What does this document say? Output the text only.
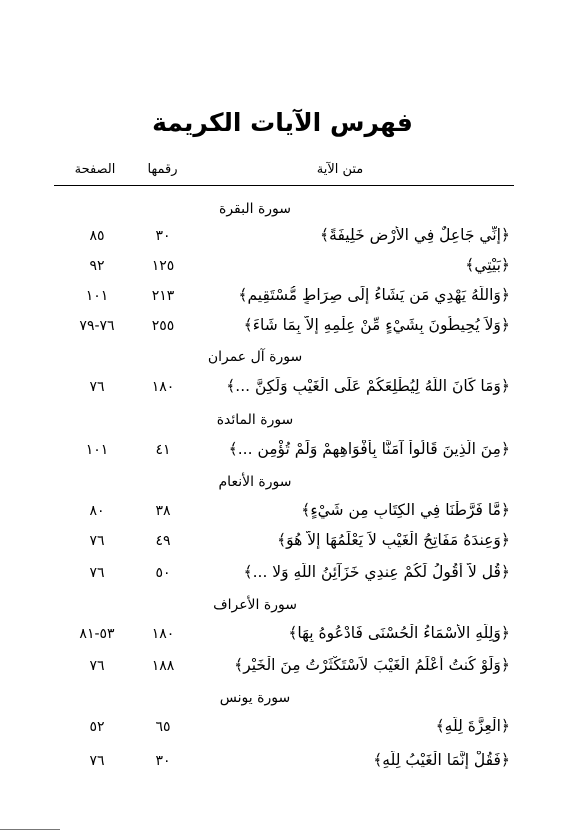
فهرس الآيات الكريمة
متن الآية
رقمها
الصفحة
سورة البقرة
﴿إِنِّي جَاعِلٌ فِي الأَرْضِ خَلِيفَةً﴾
٣٠
٨٥
﴿بَيْتِي﴾
١٢٥
٩٢
﴿وَاللَّهُ يَهْدِي مَن يَشَاءُ إِلَى صِرَاطٍ مُّسْتَقِيمٍ﴾
٢١٣
١٠١
﴿وَلاَ يُحِيطُونَ بِشَيْءٍ مِّنْ عِلْمِهِ إِلاَّ بِمَا شَاءَ﴾
٢٥٥
٧٦-٧٩
سورة آل عمران
﴿وَمَا كَانَ اللَّهُ لِيُطْلِعَكُمْ عَلَى الْغَيْبِ وَلَكِنَّ ...﴾
١٨٠
٧٦
سورة المائدة
﴿مِنَ الَّذِينَ قَالُواْ آمَنَّا بِأَفْوَاهِهِمْ وَلَمْ تُؤْمِن ...﴾
٤١
١٠١
سورة الأنعام
﴿مَّا فَرَّطْنَا فِي الكِتَابِ مِن شَيْءٍ﴾
٣٨
٨٠
﴿وَعِندَهُ مَفَاتِحُ الْغَيْبِ لاَ يَعْلَمُهَا إِلاَّ هُوَ﴾
٤٩
٧٦
﴿قُل لاَّ أَقُولُ لَكُمْ عِندِي خَزَآئِنُ اللّهِ وَلا ...﴾
٥٠
٧٦
سورة الأعراف
﴿وَلِلَّهِ الأَسْمَاءُ الْحُسْنَى فَادْعُوهُ بِهَا﴾
١٨٠
٥٣-٨١
﴿وَلَوْ كُنتُ أَعْلَمُ الْغَيْبَ لاَسْتَكْثَرْتُ مِنَ الْخَيْرِ﴾
١٨٨
٧٦
سورة يونس
﴿الْعِزَّةَ لِلَّهِ﴾
٦٥
٥٢
﴿فَقُلْ إِنَّمَا الْغَيْبُ لِلَّهِ﴾
٣٠
٧٦
